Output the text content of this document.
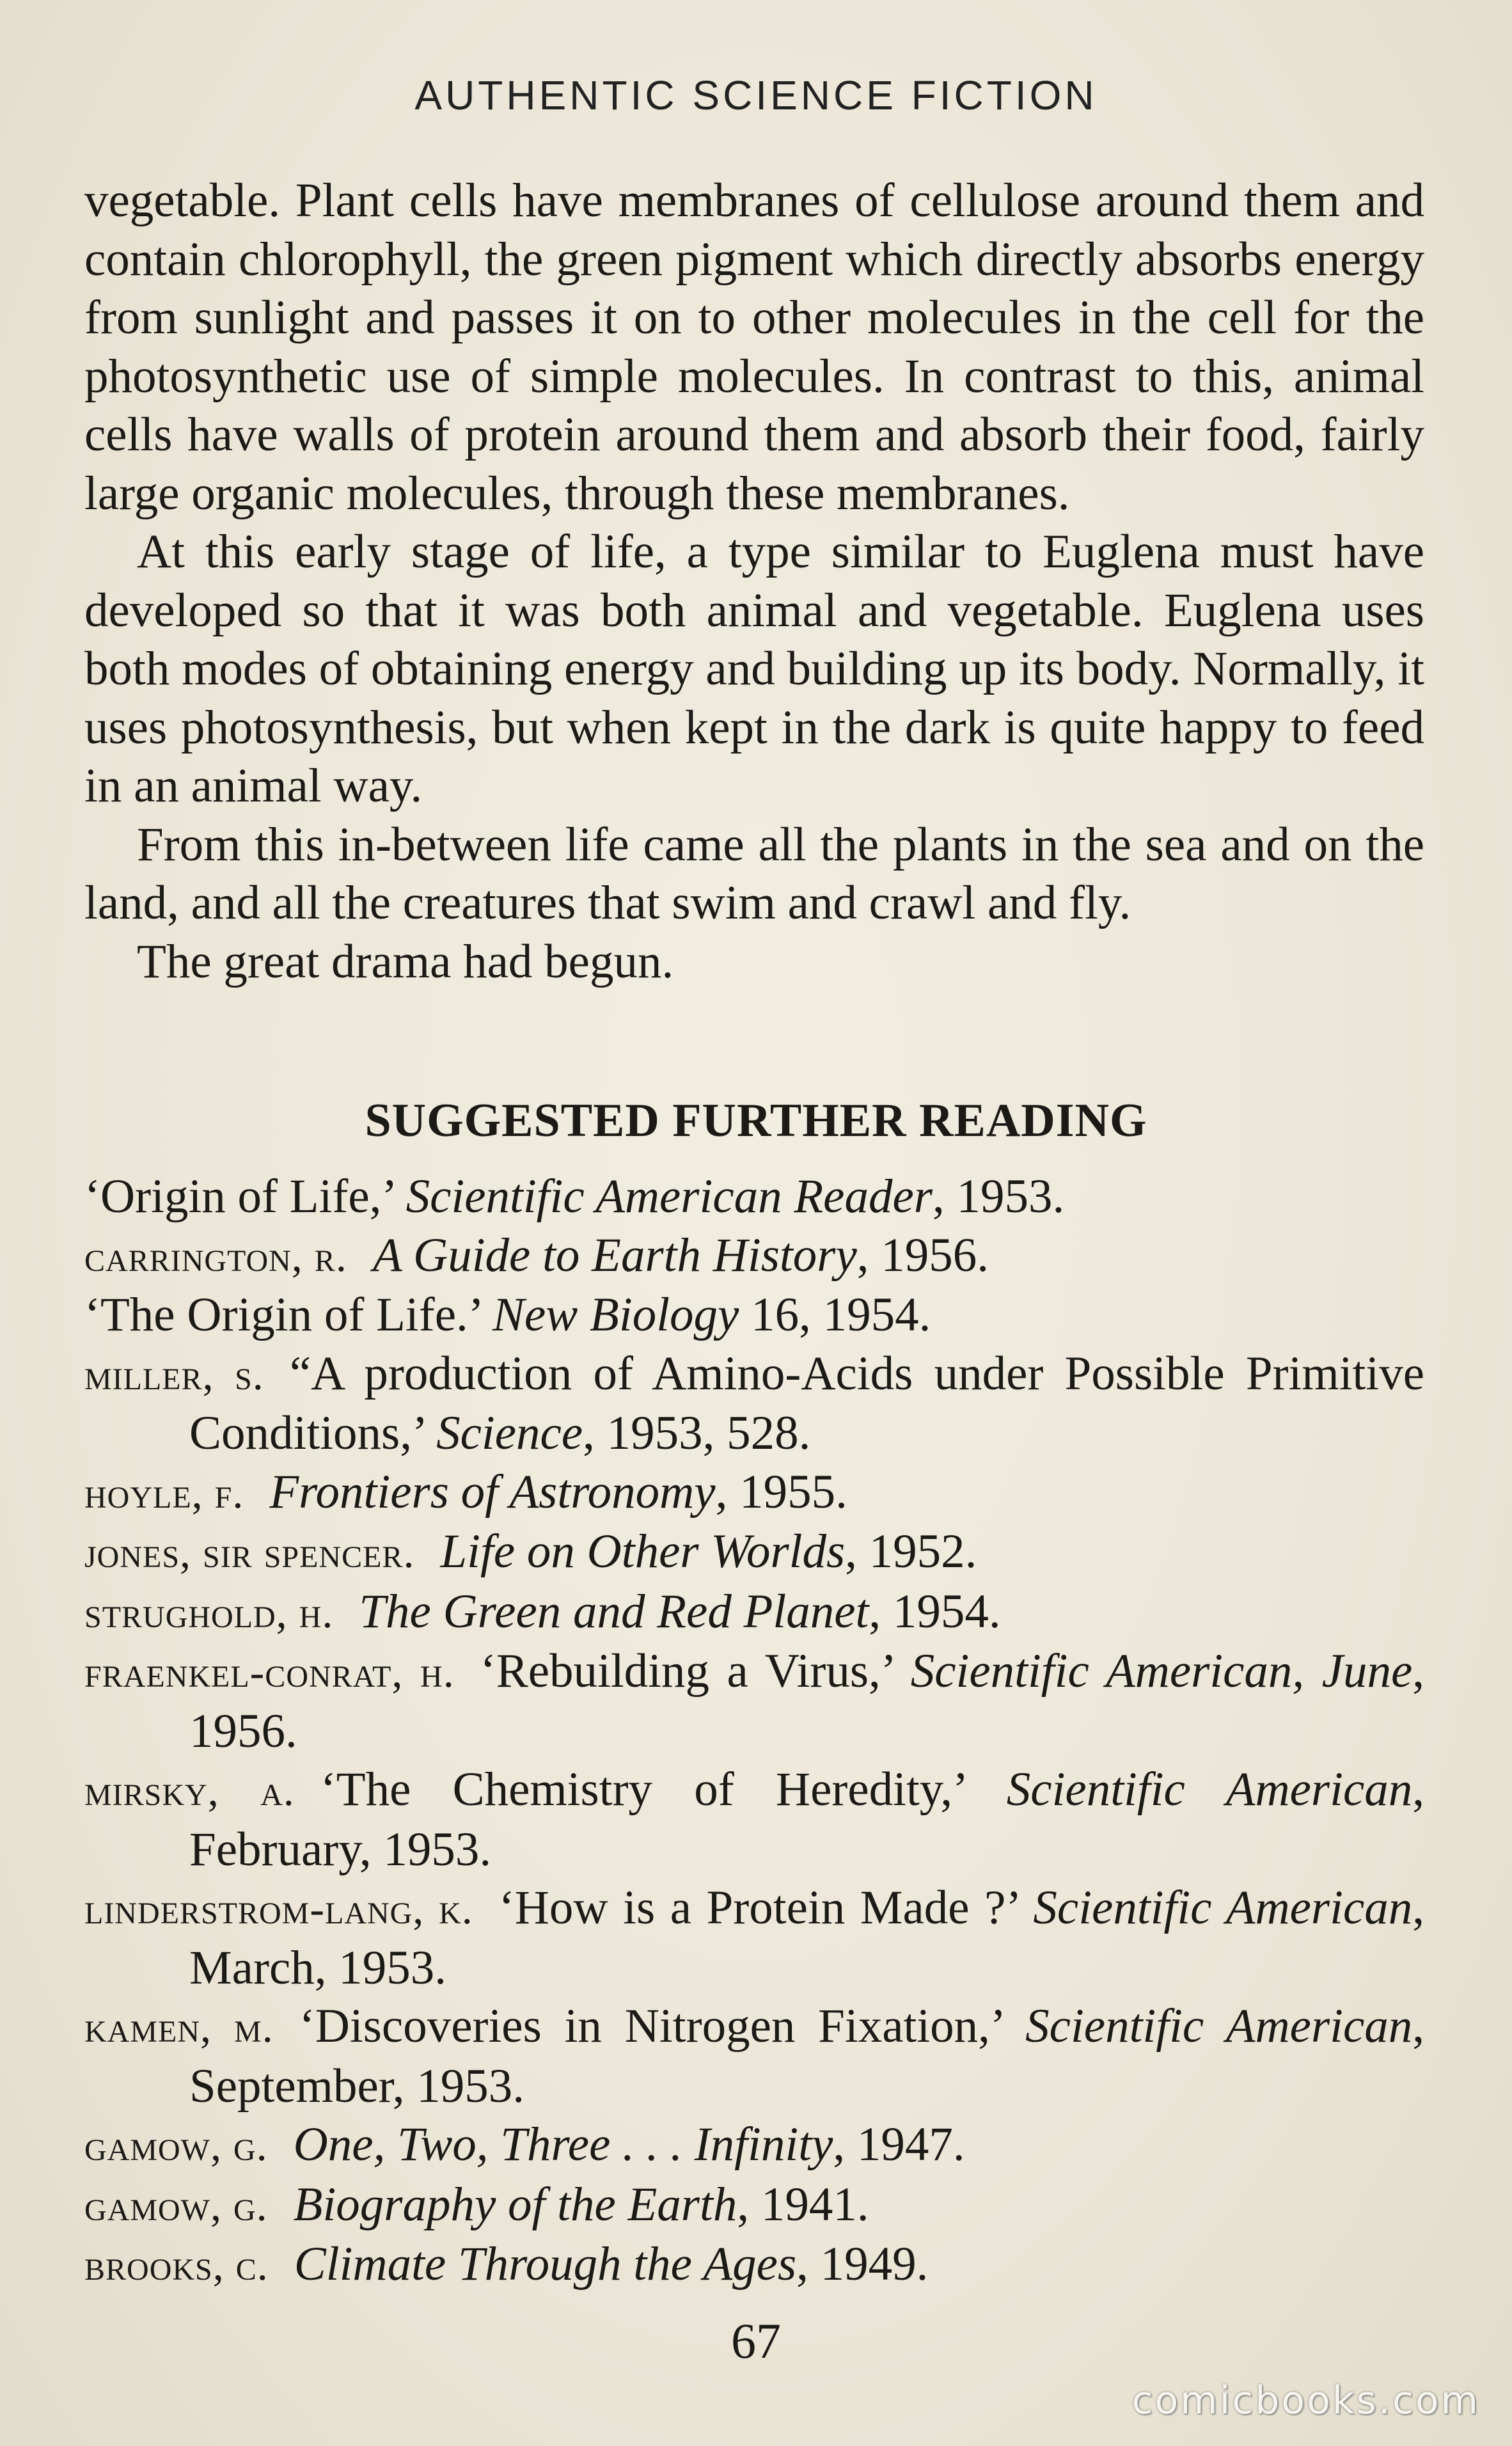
AUTHENTIC SCIENCE FICTION

vegetable. Plant cells have membranes of cellulose around them and contain chlorophyll, the green pigment which directly absorbs energy from sunlight and passes it on to other molecules in the cell for the photosynthetic use of simple molecules. In contrast to this, animal cells have walls of protein around them and absorb their food, fairly large organic molecules, through these membranes.

At this early stage of life, a type similar to Euglena must have developed so that it was both animal and vegetable. Euglena uses both modes of obtaining energy and building up its body. Normally, it uses photosynthesis, but when kept in the dark is quite happy to feed in an animal way.

From this in-between life came all the plants in the sea and on the land, and all the creatures that swim and crawl and fly.

The great drama had begun.

SUGGESTED FURTHER READING
‘Origin of Life,’ Scientific American Reader, 1953.
carrington, r. A Guide to Earth History, 1956.
‘The Origin of Life.’ New Biology 16, 1954.
miller, s. “A production of Amino-Acids under Possible Primitive Conditions,’ Science, 1953, 528.
hoyle, f. Frontiers of Astronomy, 1955.
jones, sir spencer. Life on Other Worlds, 1952.
strughold, h. The Green and Red Planet, 1954.
fraenkel-conrat, h. ‘Rebuilding a Virus,’ Scientific American, June, 1956.
mirsky, a. ‘The Chemistry of Heredity,’ Scientific American, February, 1953.
linderstrom-lang, k. ‘How is a Protein Made ?’ Scientific American, March, 1953.
kamen, m. ‘Discoveries in Nitrogen Fixation,’ Scientific American, September, 1953.
gamow, g. One, Two, Three . . . Infinity, 1947.
gamow, g. Biography of the Earth, 1941.
brooks, c. Climate Through the Ages, 1949.
67
comicbooks.com
